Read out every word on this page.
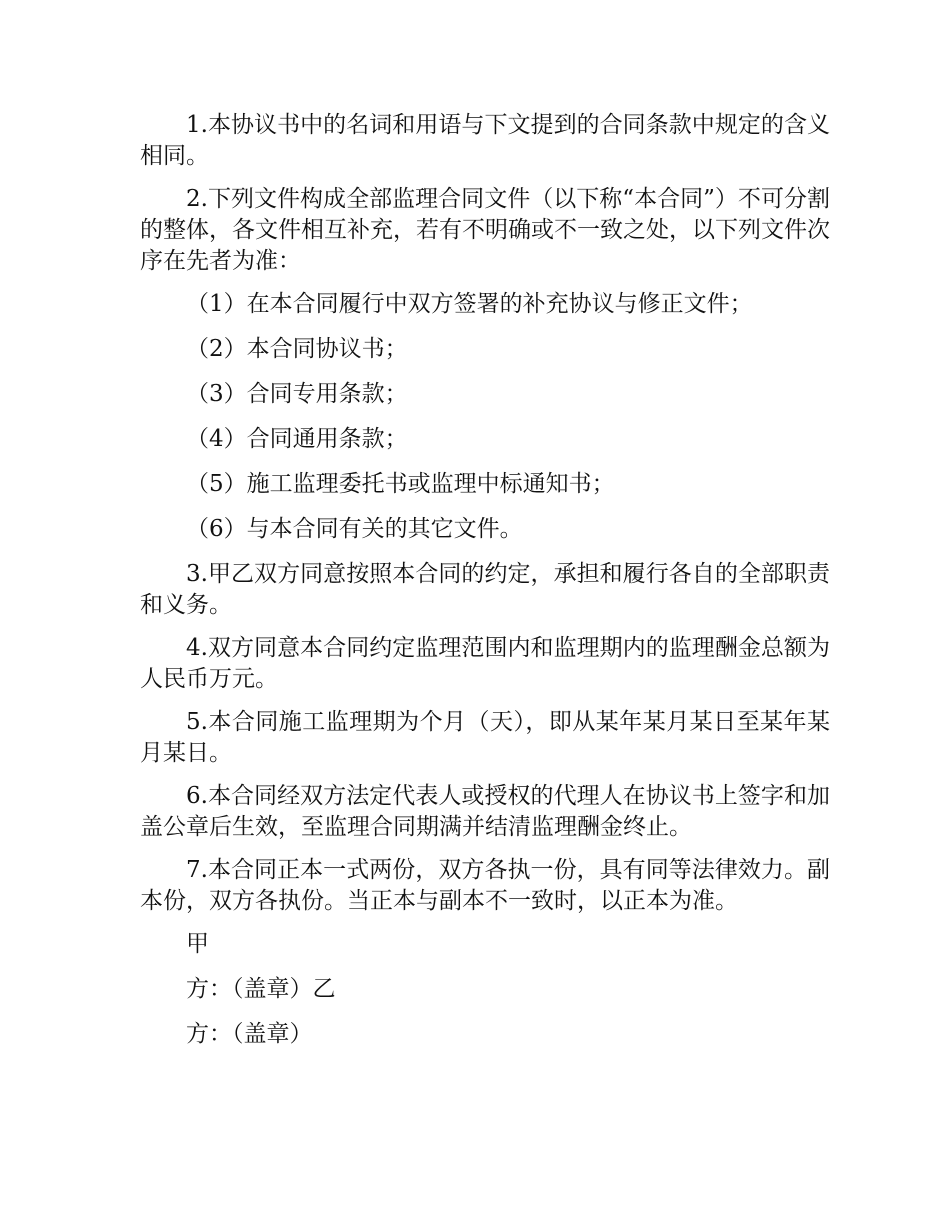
1.本协议书中的名词和用语与下文提到的合同条款中规定的含义相同。

2.下列文件构成全部监理合同文件（以下称“本合同”）不可分割的整体，各文件相互补充，若有不明确或不一致之处，以下列文件次序在先者为准：

（1）在本合同履行中双方签署的补充协议与修正文件；

（2）本合同协议书；

（3）合同专用条款；

（4）合同通用条款；

（5）施工监理委托书或监理中标通知书；

（6）与本合同有关的其它文件。

3.甲乙双方同意按照本合同的约定，承担和履行各自的全部职责和义务。

4.双方同意本合同约定监理范围内和监理期内的监理酬金总额为人民币万元。

5.本合同施工监理期为个月（天），即从某年某月某日至某年某月某日。

6.本合同经双方法定代表人或授权的代理人在协议书上签字和加盖公章后生效，至监理合同期满并结清监理酬金终止。

7.本合同正本一式两份，双方各执一份，具有同等法律效力。副本份，双方各执份。当正本与副本不一致时，以正本为准。

甲

方：（盖章）乙

方：（盖章）
